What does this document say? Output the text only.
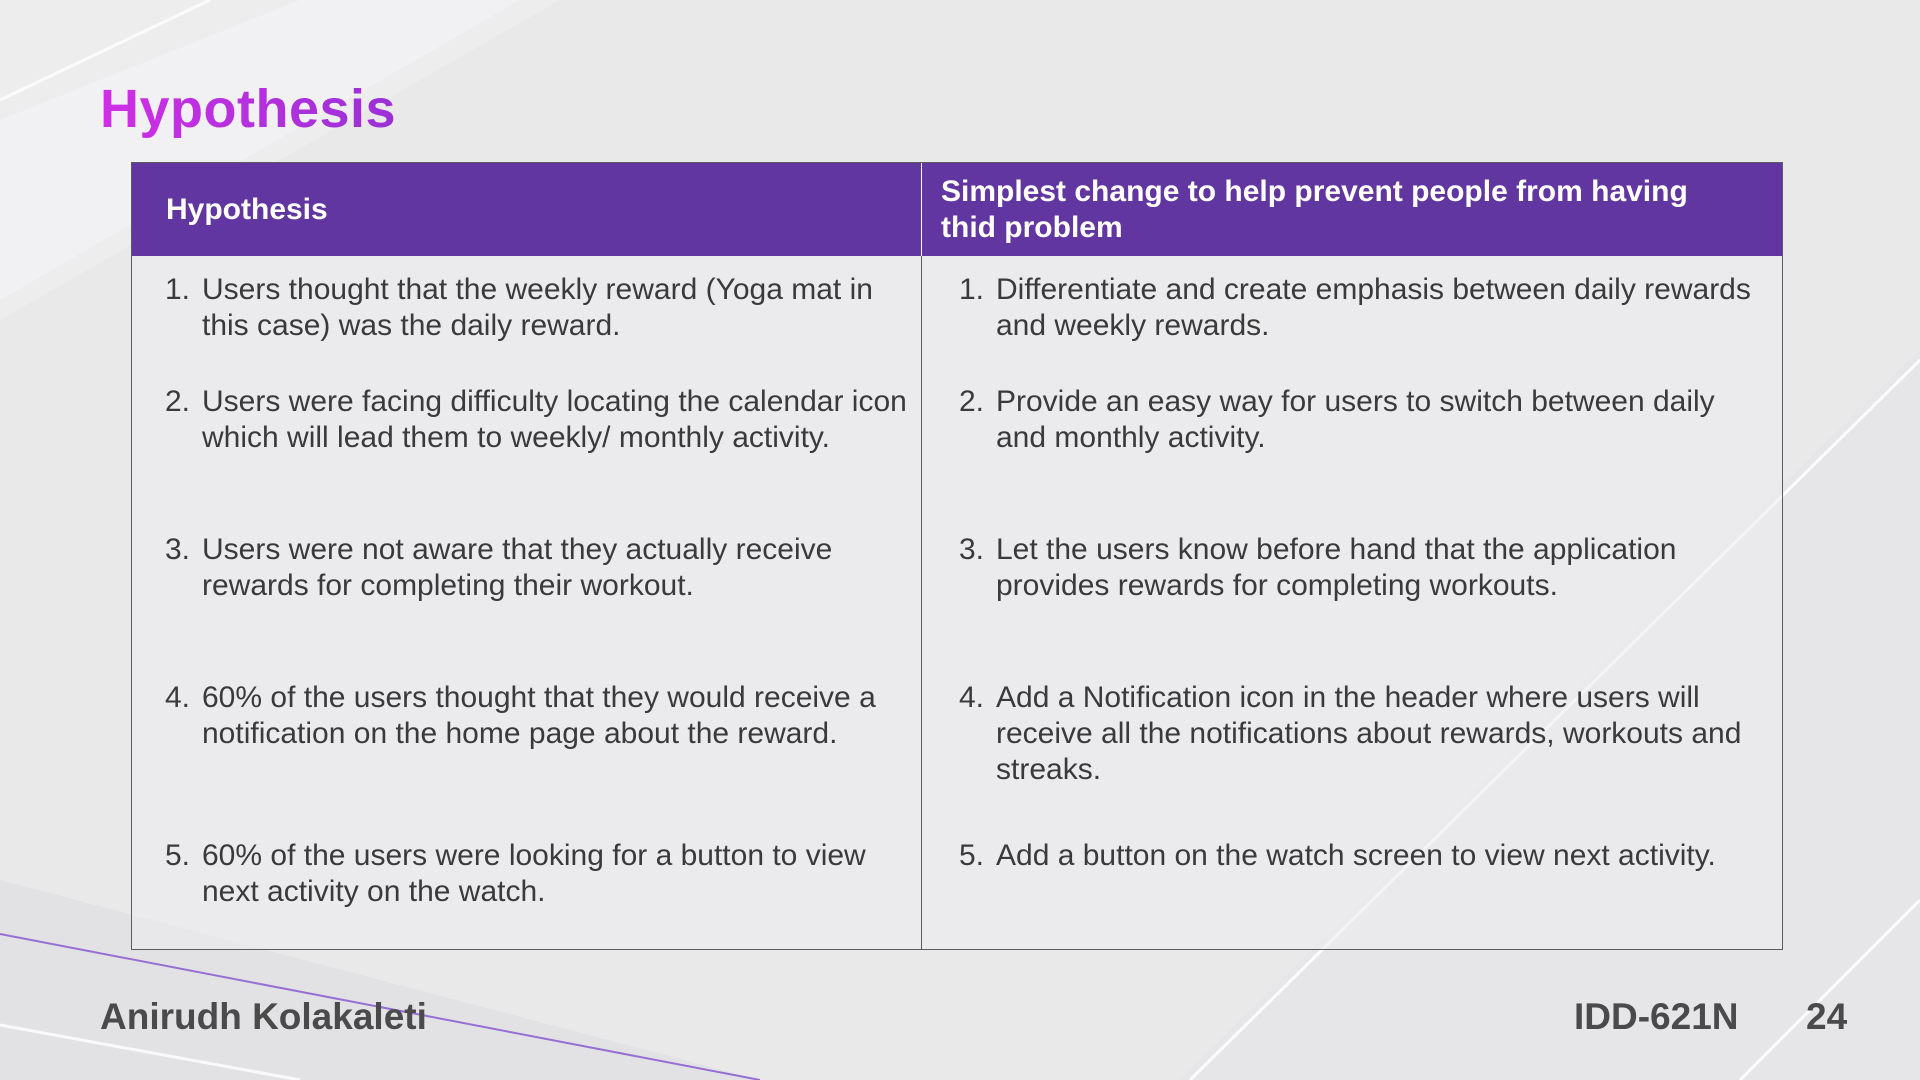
Hypothesis
Hypothesis
Simplest change to help prevent people from having thid problem
1. Users thought that the weekly reward (Yoga mat in this case) was the daily reward.
2. Users were facing difficulty locating the calendar icon which will lead them to weekly/ monthly activity.
3. Users were not aware that they actually receive rewards for completing their workout.
4. 60% of the users thought that they would receive a notification on the home page about the reward.
5. 60% of the users were looking for a button to view next activity on the watch.
1. Differentiate and create emphasis between daily rewards and weekly rewards.
2. Provide an easy way for users to switch between daily and monthly activity.
3. Let the users know before hand that the application provides rewards for completing workouts.
4. Add a Notification icon in the header where users will receive all the notifications about rewards, workouts and streaks.
5. Add a button on the watch screen to view next activity.

Anirudh Kolakaleti	IDD-621N 24
